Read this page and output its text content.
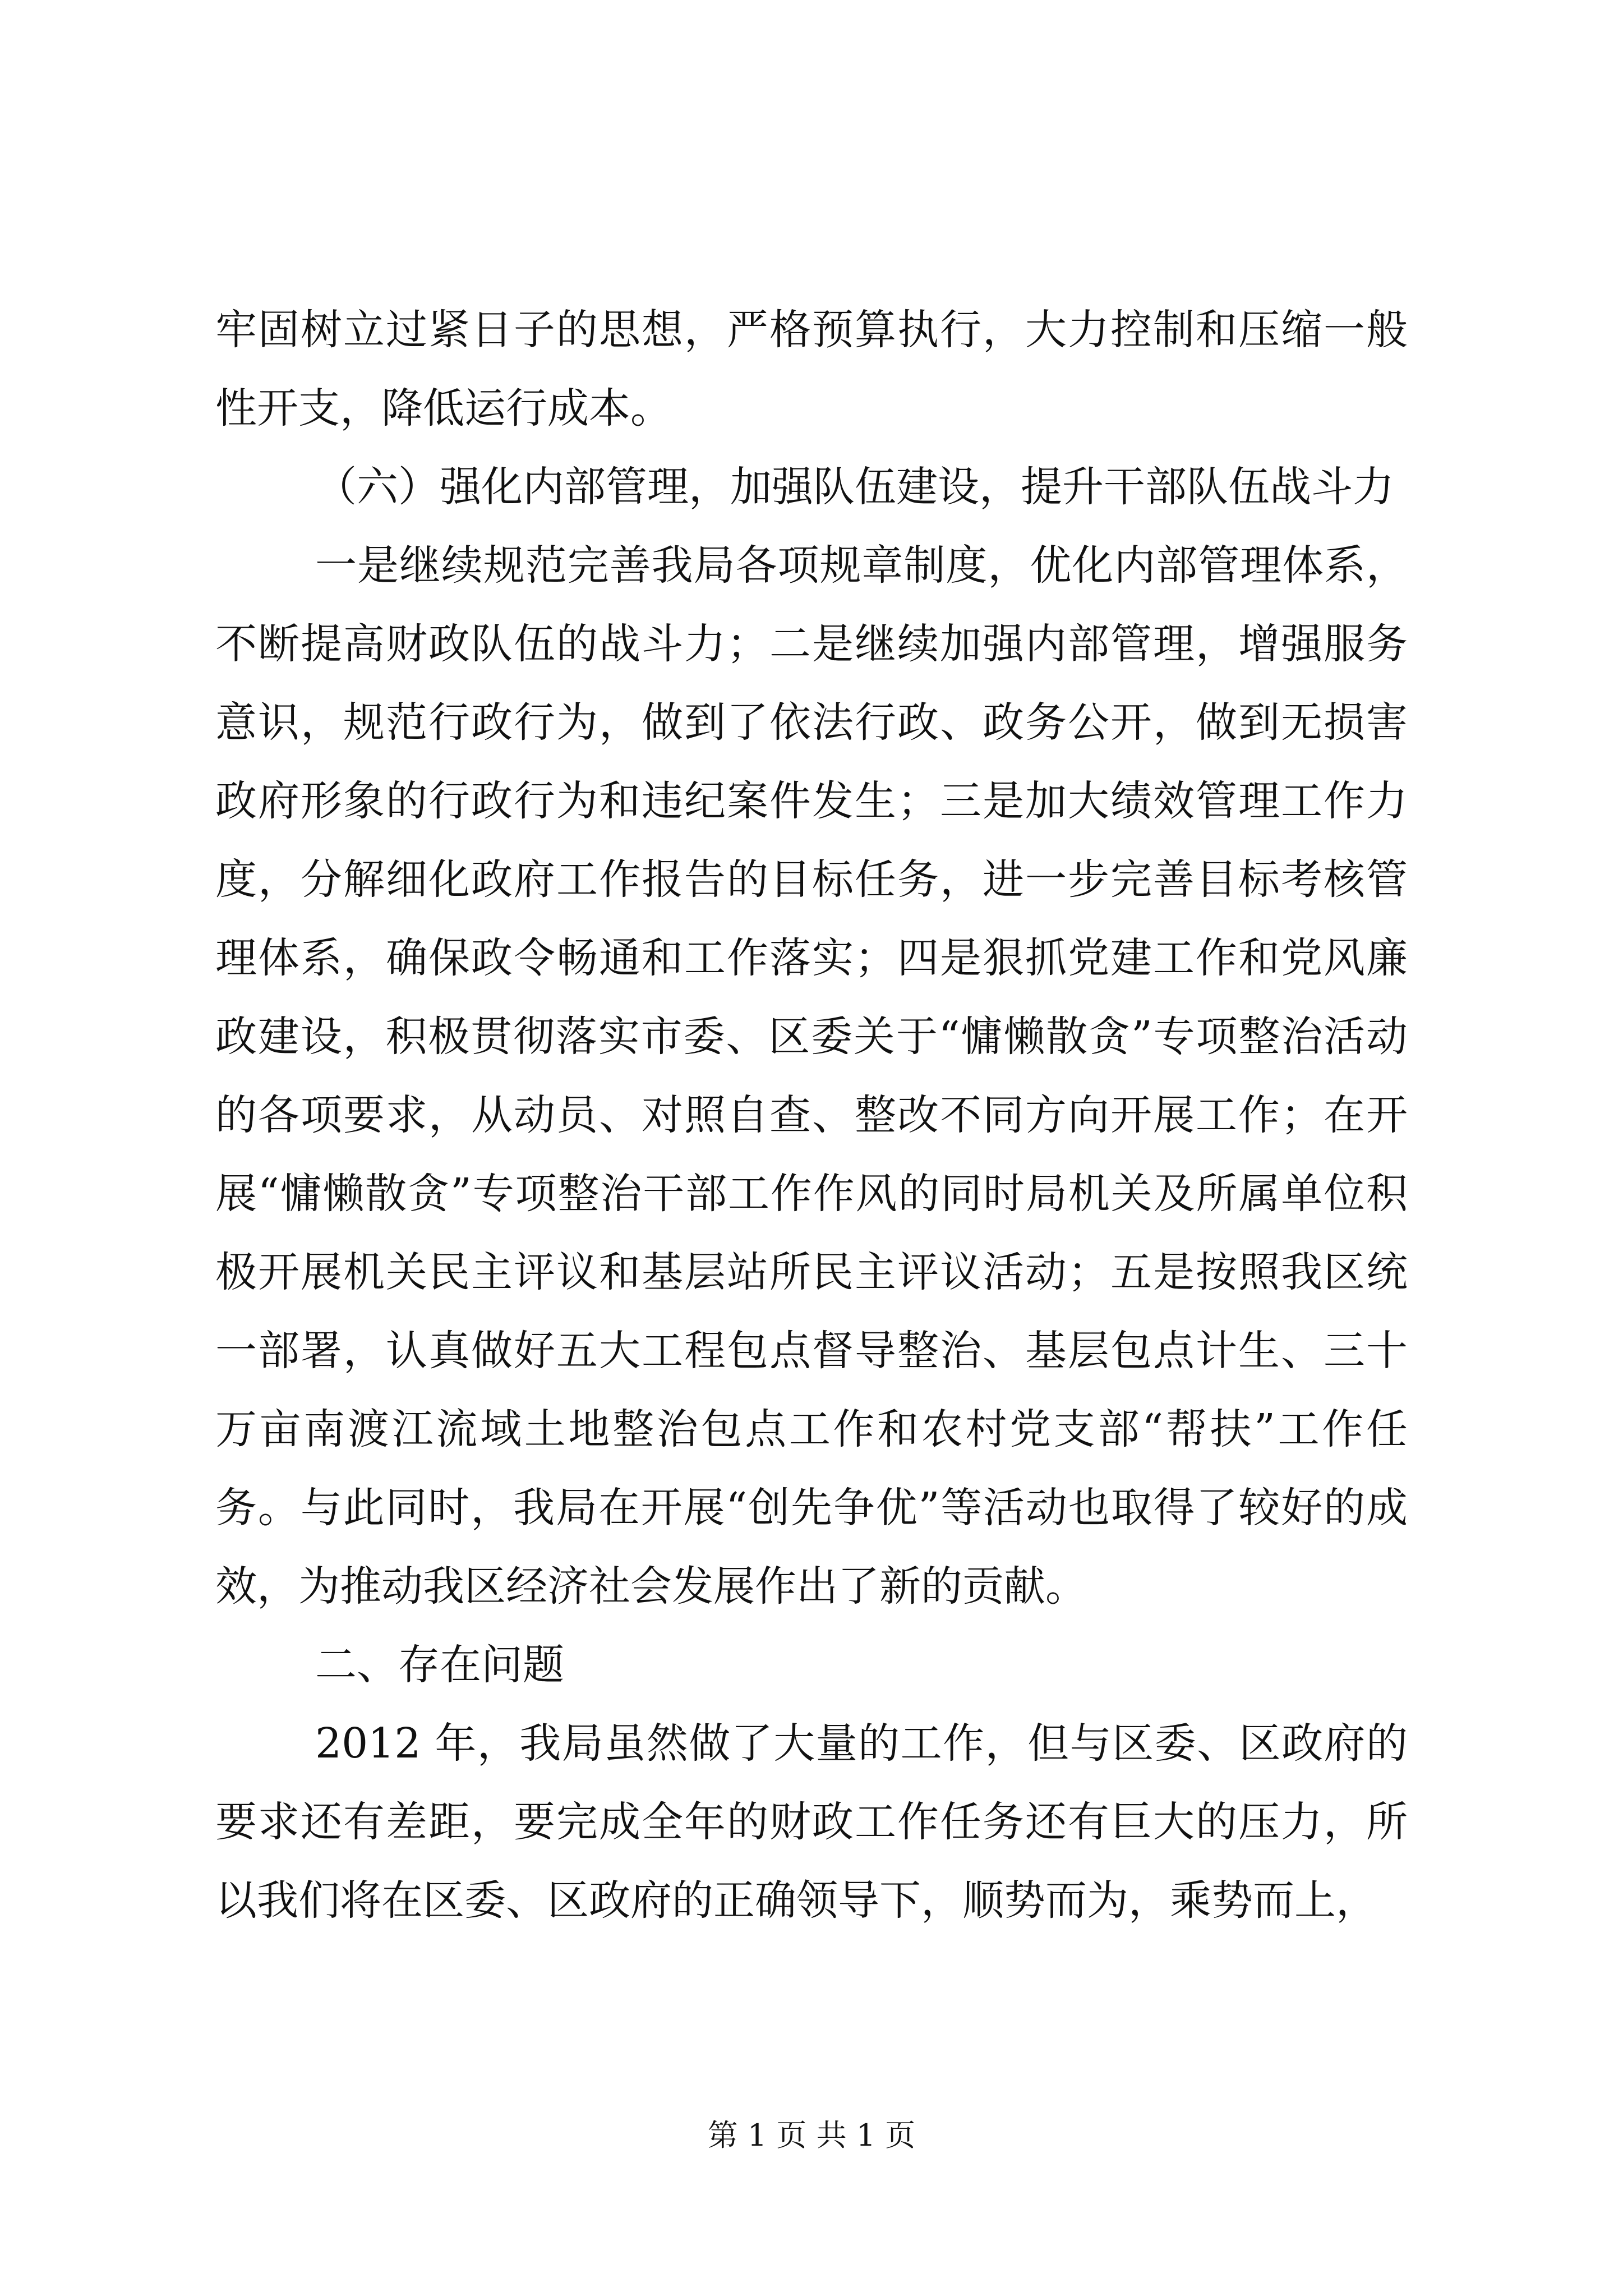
牢固树立过紧日子的思想，严格预算执行，大力控制和压缩一般性开支，降低运行成本。

（六）强化内部管理，加强队伍建设，提升干部队伍战斗力

一是继续规范完善我局各项规章制度，优化内部管理体系，不断提高财政队伍的战斗力；二是继续加强内部管理，增强服务意识，规范行政行为，做到了依法行政、政务公开，做到无损害政府形象的行政行为和违纪案件发生；三是加大绩效管理工作力度，分解细化政府工作报告的目标任务，进一步完善目标考核管理体系，确保政令畅通和工作落实；四是狠抓党建工作和党风廉政建设，积极贯彻落实市委、区委关于“慵懒散贪”专项整治活动的各项要求，从动员、对照自查、整改不同方向开展工作；在开展“慵懒散贪”专项整治干部工作作风的同时局机关及所属单位积极开展机关民主评议和基层站所民主评议活动；五是按照我区统一部署，认真做好五大工程包点督导整治、基层包点计生、三十万亩南渡江流域土地整治包点工作和农村党支部“帮扶”工作任务。与此同时，我局在开展“创先争优”等活动也取得了较好的成效，为推动我区经济社会发展作出了新的贡献。

二、存在问题

2012 年，我局虽然做了大量的工作，但与区委、区政府的要求还有差距，要完成全年的财政工作任务还有巨大的压力，所以我们将在区委、区政府的正确领导下，顺势而为，乘势而上，

第 1 页 共 1 页
